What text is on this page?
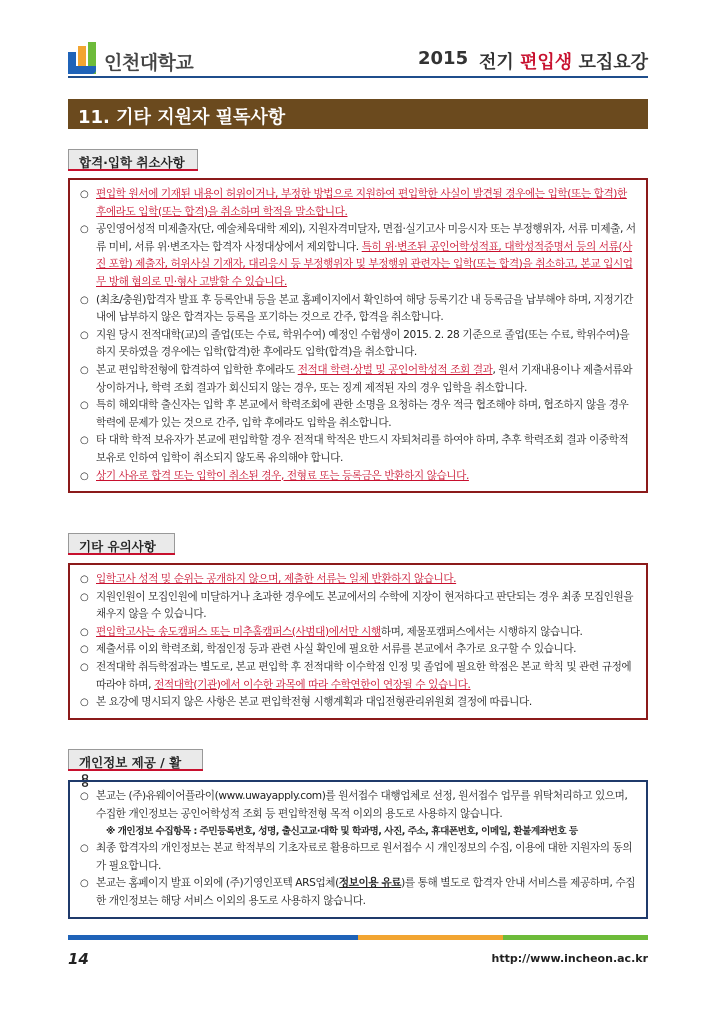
인천대학교	2015 전기 편입생 모집요강
11. 기타 지원자 필독사항
합격·입학 취소사항
○ 편입학 원서에 기재된 내용이 허위이거나, 부정한 방법으로 지원하여 편입학한 사실이 발견될 경우에는 입학(또는 합격)한 후에라도 입학(또는 합격)을 취소하며 학적을 말소합니다.
○ 공인영어성적 미제출자(단, 예술체육대학 제외), 지원자격미달자, 면접·실기고사 미응시자 또는 부정행위자, 서류 미제출, 서류 미비, 서류 위·변조자는 합격자 사정대상에서 제외합니다. 특히 위·변조된 공인어학성적표, 대학성적증명서 등의 서류(사진 포함) 제출자, 허위사실 기재자, 대리응시 등 부정행위자 및 부정행위 관련자는 입학(또는 합격)을 취소하고, 본교 입시업무 방해 혐의로 민·형사 고발할 수 있습니다.
○ (최초/충원)합격자 발표 후 등록안내 등을 본교 홈페이지에서 확인하여 해당 등록기간 내 등록금을 납부해야 하며, 지정기간 내에 납부하지 않은 합격자는 등록을 포기하는 것으로 간주, 합격을 취소합니다.
○ 지원 당시 전적대학(교)의 졸업(또는 수료, 학위수여) 예정인 수험생이 2015. 2. 28 기준으로 졸업(또는 수료, 학위수여)을 하지 못하였을 경우에는 입학(합격)한 후에라도 입학(합격)을 취소합니다.
○ 본교 편입학전형에 합격하여 입학한 후에라도 전적대 학력·상벌 및 공인어학성적 조회 결과, 원서 기재내용이나 제출서류와 상이하거나, 학력 조회 결과가 회신되지 않는 경우, 또는 징계 제적된 자의 경우 입학을 취소합니다.
○ 특히 해외대학 출신자는 입학 후 본교에서 학력조회에 관한 소명을 요청하는 경우 적극 협조해야 하며, 협조하지 않을 경우 학력에 문제가 있는 것으로 간주, 입학 후에라도 입학을 취소합니다.
○ 타 대학 학적 보유자가 본교에 편입학할 경우 전적대 학적은 반드시 자퇴처리를 하여야 하며, 추후 학력조회 결과 이중학적 보유로 인하여 입학이 취소되지 않도록 유의해야 합니다.
○ 상기 사유로 합격 또는 입학이 취소된 경우, 전형료 또는 등록금은 반환하지 않습니다.
기타 유의사항
○ 입학고사 성적 및 순위는 공개하지 않으며, 제출한 서류는 일체 반환하지 않습니다.
○ 지원인원이 모집인원에 미달하거나 초과한 경우에도 본교에서의 수학에 지장이 현저하다고 판단되는 경우 최종 모집인원을 채우지 않을 수 있습니다.
○ 편입학고사는 송도캠퍼스 또는 미추홀캠퍼스(사범대)에서만 시행하며, 제물포캠퍼스에서는 시행하지 않습니다.
○ 제출서류 이외 학력조회, 학점인정 등과 관련 사실 확인에 필요한 서류를 본교에서 추가로 요구할 수 있습니다.
○ 전적대학 취득학점과는 별도로, 본교 편입학 후 전적대학 이수학점 인정 및 졸업에 필요한 학점은 본교 학칙 및 관련 규정에 따라야 하며, 전적대학(기관)에서 이수한 과목에 따라 수학연한이 연장될 수 있습니다.
○ 본 요강에 명시되지 않은 사항은 본교 편입학전형 시행계획과 대입전형관리위원회 결정에 따릅니다.
개인정보 제공 / 활용
○ 본교는 (주)유웨이어플라이(www.uwayapply.com)를 원서접수 대행업체로 선정, 원서접수 업무를 위탁처리하고 있으며, 수집한 개인정보는 공인어학성적 조회 등 편입학전형 목적 이외의 용도로 사용하지 않습니다.
※ 개인정보 수집항목 : 주민등록번호, 성명, 출신고교·대학 및 학과명, 사진, 주소, 휴대폰번호, 이메일, 환불계좌번호 등
○ 최종 합격자의 개인정보는 본교 학적부의 기초자료로 활용하므로 원서접수 시 개인정보의 수집, 이용에 대한 지원자의 동의가 필요합니다.
○ 본교는 홈페이지 발표 이외에 (주)기영인포텍 ARS업체(정보이용 유료)를 통해 별도로 합격자 안내 서비스를 제공하며, 수집한 개인정보는 해당 서비스 이외의 용도로 사용하지 않습니다.
14	http://www.incheon.ac.kr
